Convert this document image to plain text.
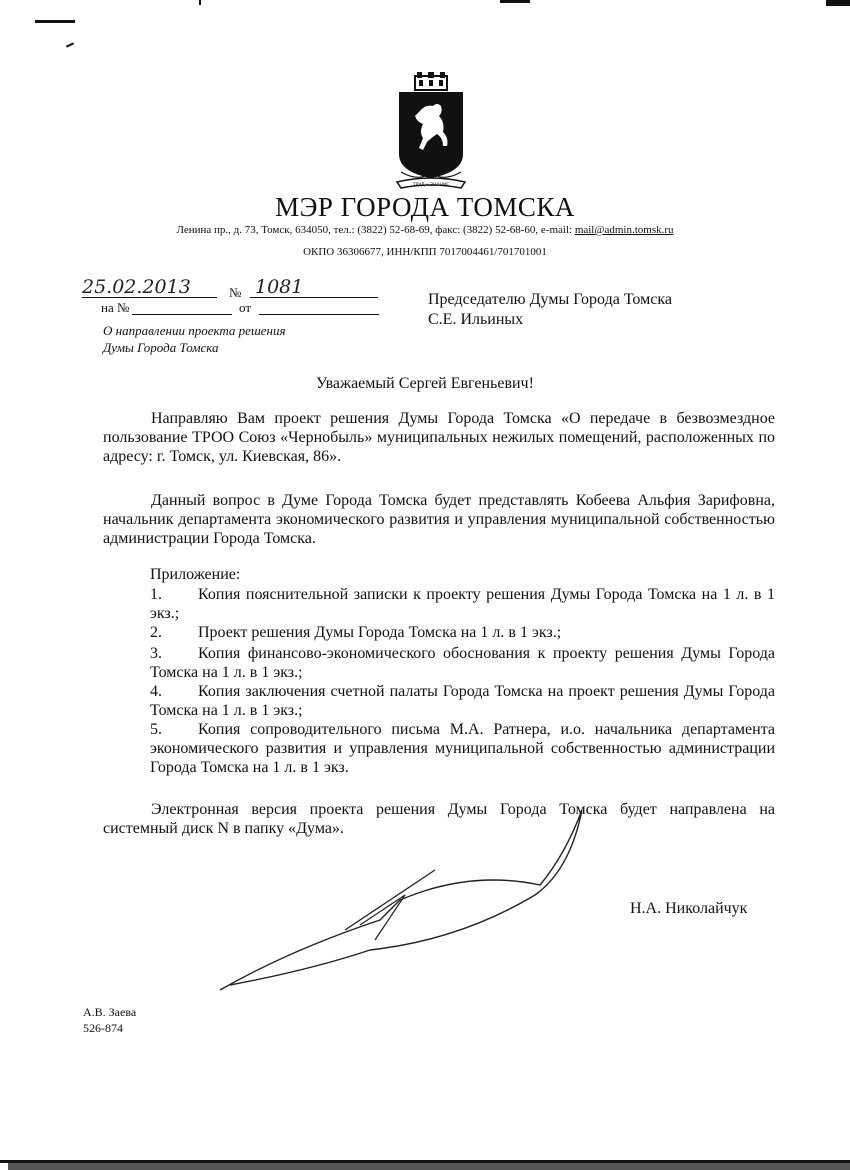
ТРУД • ЗНАНИЕ
МЭР ГОРОДА ТОМСКА
Ленина пр., д. 73, Томск, 634050, тел.: (3822) 52-68-69, факс: (3822) 52-68-60, e-mail: mail@admin.tomsk.ru
ОКПО 36306677, ИНН/КПП 7017004461/701701001
25.02.2013	№ 1081
на №	от
О направлении проекта решения
Думы Города Томска
Председателю Думы Города Томска
С.Е. Ильиных
Уважаемый Сергей Евгеньевич!
Направляю Вам проект решения Думы Города Томска «О передаче в безвозмездное пользование ТРОО Союз «Чернобыль» муниципальных нежилых помещений, расположенных по адресу: г. Томск, ул. Киевская, 86».
Данный вопрос в Думе Города Томска будет представлять Кобеева Альфия Зарифовна, начальник департамента экономического развития и управления муниципальной собственностью администрации Города Томска.
Приложение:
1. Копия пояснительной записки к проекту решения Думы Города Томска на 1 л. в 1 экз.;
2. Проект решения Думы Города Томска на 1 л. в 1 экз.;
3. Копия финансово-экономического обоснования к проекту решения Думы Города Томска на 1 л. в 1 экз.;
4. Копия заключения счетной палаты Города Томска на проект решения Думы Города Томска на 1 л. в 1 экз.;
5. Копия сопроводительного письма М.А. Ратнера, и.о. начальника департамента экономического развития и управления муниципальной собственностью администрации Города Томска на 1 л. в 1 экз.
Электронная версия проекта решения Думы Города Томска будет направлена на системный диск N в папку «Дума».
Н.А. Николайчук
А.В. Заева
526-874
